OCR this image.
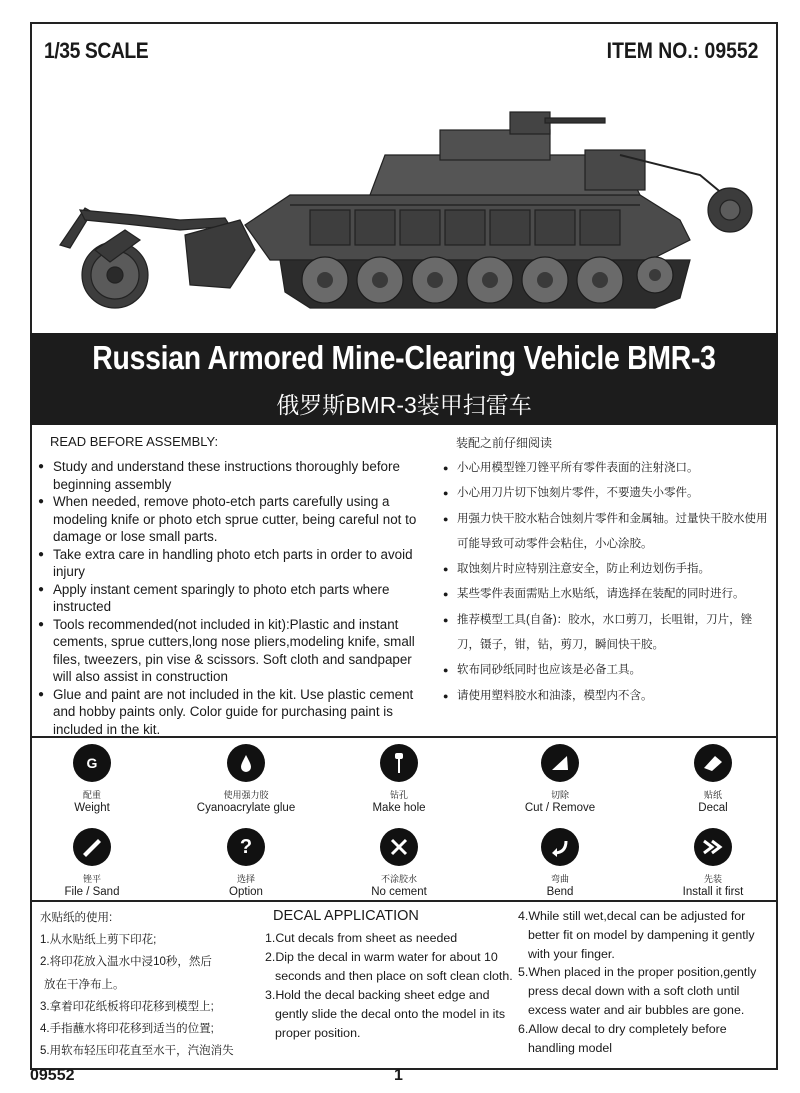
1/35 SCALE	ITEM NO.: 09552
Russian Armored Mine-Clearing Vehicle BMR-3
俄罗斯BMR-3装甲扫雷车
READ BEFORE ASSEMBLY:
● Study and understand these instructions thoroughly before beginning assembly
● When needed, remove photo-etch parts carefully using a modeling knife or photo etch sprue cutter, being careful not to damage or lose small parts.
● Take extra care in handling photo etch parts in order to avoid injury
● Apply instant cement sparingly to photo etch parts where instructed
● Tools recommended(not included in kit):Plastic and instant cements, sprue cutters,long nose pliers,modeling knife, small files, tweezers, pin vise & scissors. Soft cloth and sandpaper will also assist in construction
● Glue and paint are not included in the kit. Use plastic cement and hobby paints only. Color guide for purchasing paint is included in the kit.
装配之前仔细阅读
● 小心用模型锉刀锉平所有零件表面的注射浇口。
● 小心用刀片切下蚀刻片零件，不要遗失小零件。
● 用强力快干胶水粘合蚀刻片零件和金属轴。过量快干胶水使用可能导致可动零件会粘住，小心涂胶。
● 取蚀刻片时应特别注意安全，防止利边划伤手指。
● 某些零件表面需贴上水贴纸，请选择在装配的同时进行。
● 推荐模型工具(自备)：胶水，水口剪刀，长咀钳，刀片，锉刀，镊子，钳，钻，剪刀，瞬间快干胶。
● 软布同砂纸同时也应该是必备工具。
● 请使用塑料胶水和油漆，模型内不含。
G
配重
Weight
使用强力胶
Cyanoacrylate glue
钻孔
Make hole
切除
Cut / Remove
贴纸
Decal
锉平
File / Sand
?
选择
Option
不涂胶水
No cement
弯曲
Bend
先装
Install it first
水贴纸的使用:
1.从水贴纸上剪下印花;
2.将印花放入温水中浸10秒，然后
放在干净布上。
3.拿着印花纸板将印花移到模型上;
4.手指蘸水将印花移到适当的位置;
5.用软布轻压印花直至水干，汽泡消失
DECAL APPLICATION
1.Cut decals from sheet as needed
2.Dip the decal in warm water for about 10 seconds and then place on soft clean cloth.
3.Hold the decal backing sheet edge and gently slide the decal onto the model in its proper position.
4.While still wet,decal can be adjusted for better fit on model by dampening it gently with your finger.
5.When placed in the proper position,gently press decal down with a soft cloth until excess water and air bubbles are gone.
6.Allow decal to dry completely before handling model
09552	1
